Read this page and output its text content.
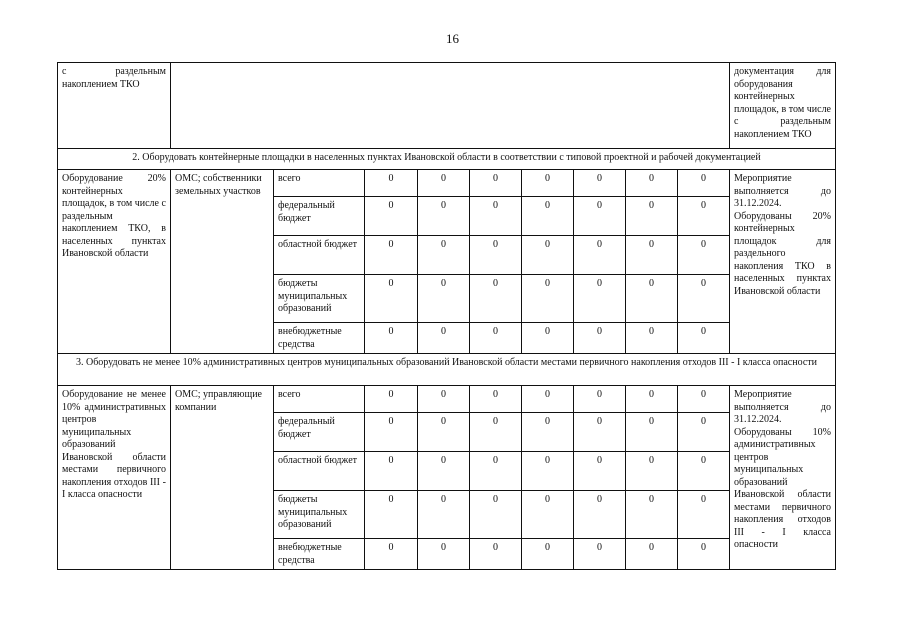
16
с раздельным накоплением ТКО										документация для оборудования контейнерных площадок, в том числе с раздельным накоплением ТКО
2. Оборудовать контейнерные площадки в населенных пунктах Ивановской области в соответствии с типовой проектной и рабочей документацией										
Оборудование 20% контейнерных площадок, в том числе с раздельным накоплением ТКО, в населенных пунктах Ивановской области	ОМС; собственники земельных участков	всего	0	0	0	0	0	0	0	Мероприятие выполняется до 31.12.2024. Оборудованы 20% контейнерных площадок для раздельного накопления ТКО в населенных пунктах Ивановской области
		федеральный бюджет	0	0	0	0	0	0	0	
		областной бюджет	0	0	0	0	0	0	0	
		бюджеты муниципальных образований	0	0	0	0	0	0	0	
		внебюджетные средства	0	0	0	0	0	0	0	
3. Оборудовать не менее 10% административных центров муниципальных образований Ивановской области местами первичного накопления отходов III - I класса опасности										
Оборудование не менее 10% административных центров муниципальных образований Ивановской области местами первичного накопления отходов III - I класса опасности	ОМС; управляющие компании	всего	0	0	0	0	0	0	0	Мероприятие выполняется до 31.12.2024. Оборудованы 10% административных центров муниципальных образований Ивановской области местами первичного накопления отходов III - I класса опасности
		федеральный бюджет	0	0	0	0	0	0	0	
		областной бюджет	0	0	0	0	0	0	0	
		бюджеты муниципальных образований	0	0	0	0	0	0	0	
		внебюджетные средства	0	0	0	0	0	0	0	
